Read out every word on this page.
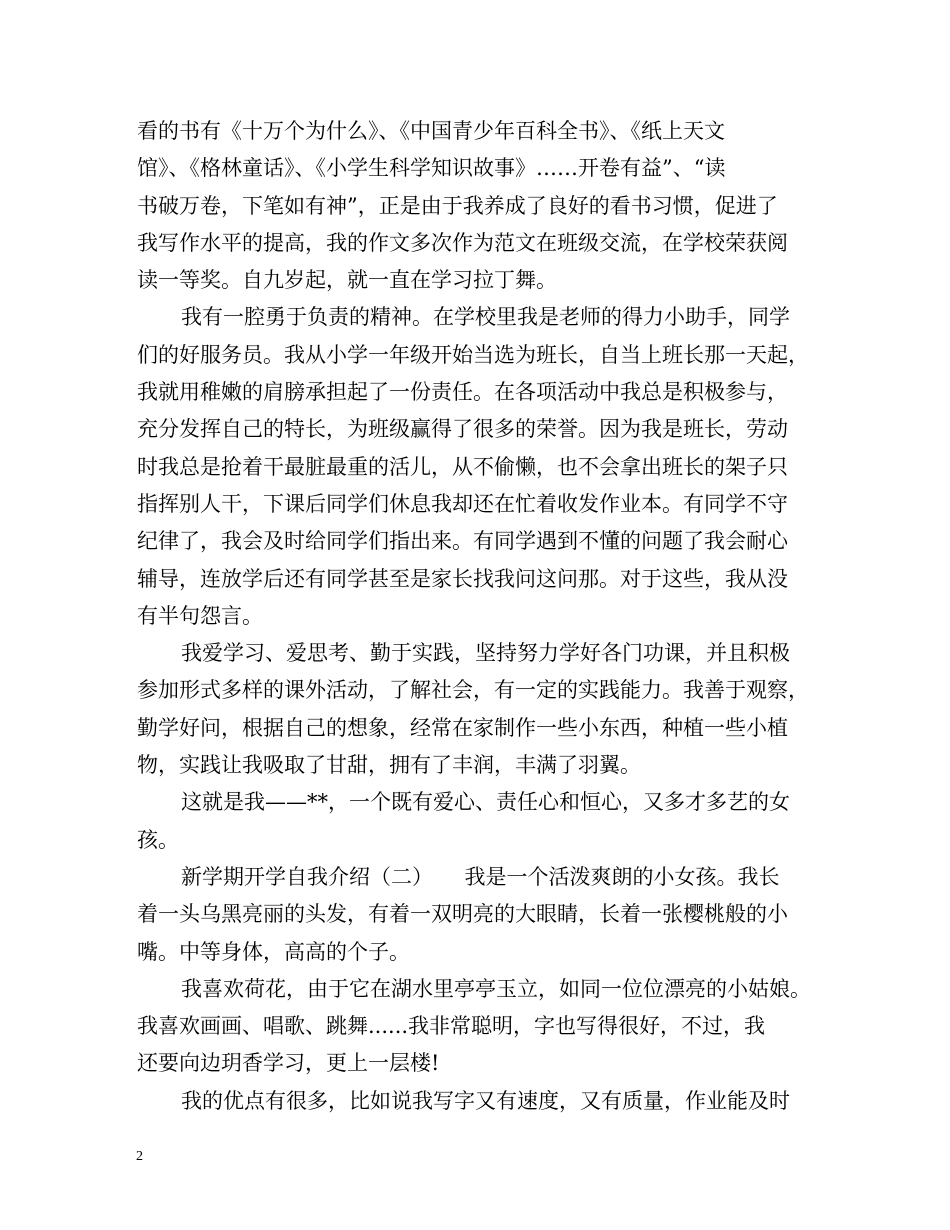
看的书有《十万个为什么》、《中国青少年百科全书》、《纸上天文
馆》、《格林童话》、《小学生科学知识故事》……开卷有益”、“读
书破万卷，下笔如有神”，正是由于我养成了良好的看书习惯，促进了
我写作水平的提高，我的作文多次作为范文在班级交流，在学校荣获阅
读一等奖。自九岁起，就一直在学习拉丁舞。
我有一腔勇于负责的精神。在学校里我是老师的得力小助手，同学
们的好服务员。我从小学一年级开始当选为班长，自当上班长那一天起，
我就用稚嫩的肩膀承担起了一份责任。在各项活动中我总是积极参与，
充分发挥自己的特长，为班级赢得了很多的荣誉。因为我是班长，劳动
时我总是抢着干最脏最重的活儿，从不偷懒，也不会拿出班长的架子只
指挥别人干，下课后同学们休息我却还在忙着收发作业本。有同学不守
纪律了，我会及时给同学们指出来。有同学遇到不懂的问题了我会耐心
辅导，连放学后还有同学甚至是家长找我问这问那。对于这些，我从没
有半句怨言。
我爱学习、爱思考、勤于实践，坚持努力学好各门功课，并且积极
参加形式多样的课外活动，了解社会，有一定的实践能力。我善于观察，
勤学好问，根据自己的想象，经常在家制作一些小东西，种植一些小植
物，实践让我吸取了甘甜，拥有了丰润，丰满了羽翼。
这就是我——**，一个既有爱心、责任心和恒心，又多才多艺的女
孩。
新学期开学自我介绍（二）　　我是一个活泼爽朗的小女孩。我长
着一头乌黑亮丽的头发，有着一双明亮的大眼睛，长着一张樱桃般的小
嘴。中等身体，高高的个子。
我喜欢荷花，由于它在湖水里亭亭玉立，如同一位位漂亮的小姑娘。
我喜欢画画、唱歌、跳舞......我非常聪明，字也写得很好，不过，我
还要向边玥香学习，更上一层楼!
我的优点有很多，比如说我写字又有速度，又有质量，作业能及时
2
